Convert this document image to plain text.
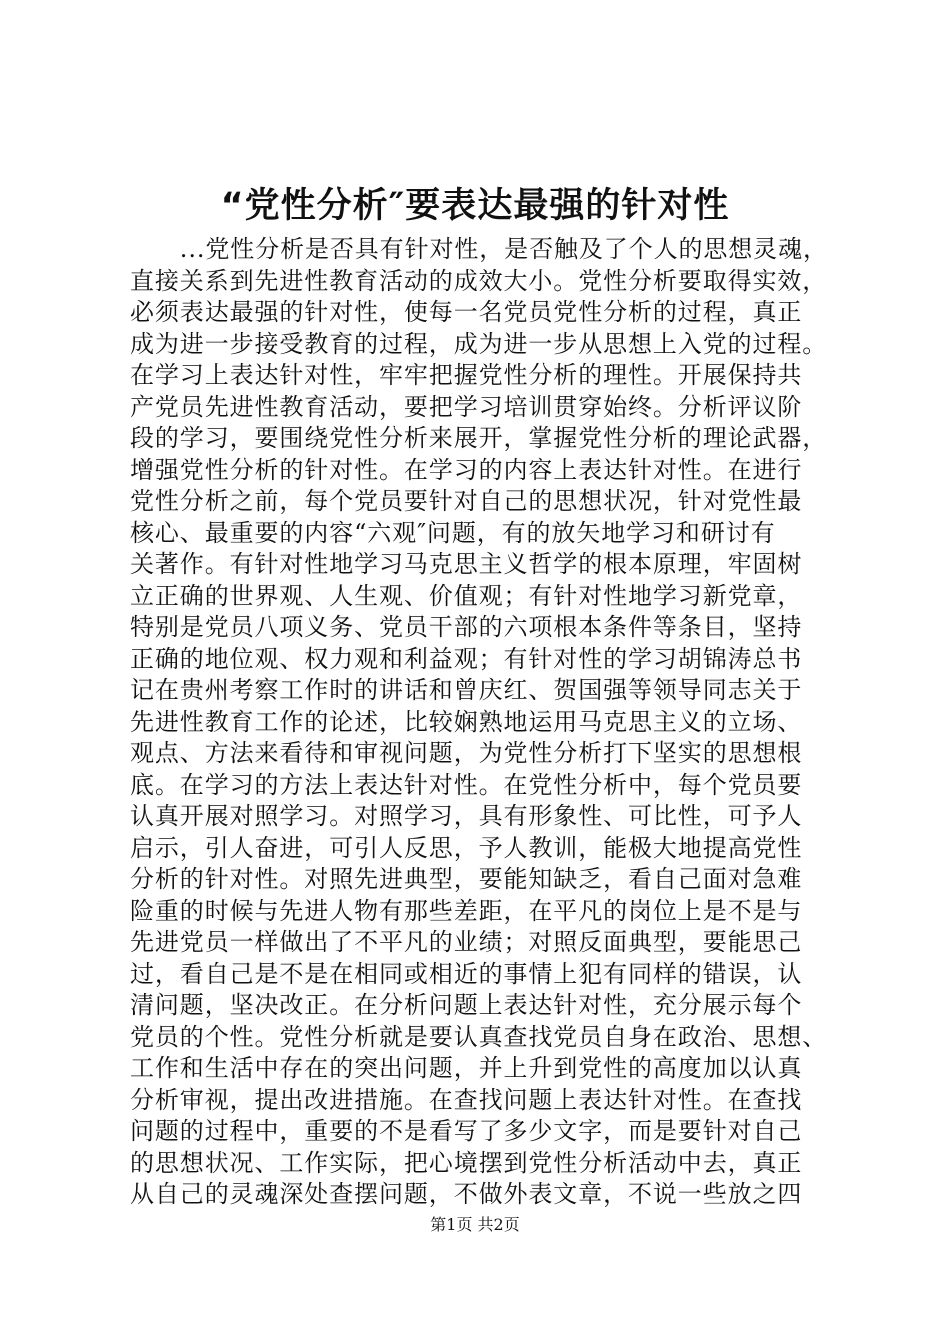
“党性分析″要表达最强的针对性
　　...党性分析是否具有针对性，是否触及了个人的思想灵魂，
直接关系到先进性教育活动的成效大小。党性分析要取得实效，
必须表达最强的针对性，使每一名党员党性分析的过程，真正
成为进一步接受教育的过程，成为进一步从思想上入党的过程。
在学习上表达针对性，牢牢把握党性分析的理性。开展保持共
产党员先进性教育活动，要把学习培训贯穿始终。分析评议阶
段的学习，要围绕党性分析来展开，掌握党性分析的理论武器，
增强党性分析的针对性。在学习的内容上表达针对性。在进行
党性分析之前，每个党员要针对自己的思想状况，针对党性最
核心、最重要的内容“六观″问题，有的放矢地学习和研讨有
关著作。有针对性地学习马克思主义哲学的根本原理，牢固树
立正确的世界观、人生观、价值观；有针对性地学习新党章，
特别是党员八项义务、党员干部的六项根本条件等条目，坚持
正确的地位观、权力观和利益观；有针对性的学习胡锦涛总书
记在贵州考察工作时的讲话和曾庆红、贺国强等领导同志关于
先进性教育工作的论述，比较娴熟地运用马克思主义的立场、
观点、方法来看待和审视问题，为党性分析打下坚实的思想根
底。在学习的方法上表达针对性。在党性分析中，每个党员要
认真开展对照学习。对照学习，具有形象性、可比性，可予人
启示，引人奋进，可引人反思，予人教训，能极大地提高党性
分析的针对性。对照先进典型，要能知缺乏，看自己面对急难
险重的时候与先进人物有那些差距，在平凡的岗位上是不是与
先进党员一样做出了不平凡的业绩；对照反面典型，要能思己
过，看自己是不是在相同或相近的事情上犯有同样的错误，认
清问题，坚决改正。在分析问题上表达针对性，充分展示每个
党员的个性。党性分析就是要认真查找党员自身在政治、思想、
工作和生活中存在的突出问题，并上升到党性的高度加以认真
分析审视，提出改进措施。在查找问题上表达针对性。在查找
问题的过程中，重要的不是看写了多少文字，而是要针对自己
的思想状况、工作实际，把心境摆到党性分析活动中去，真正
从自己的灵魂深处查摆问题，不做外表文章，不说一些放之四
第1页 共2页
